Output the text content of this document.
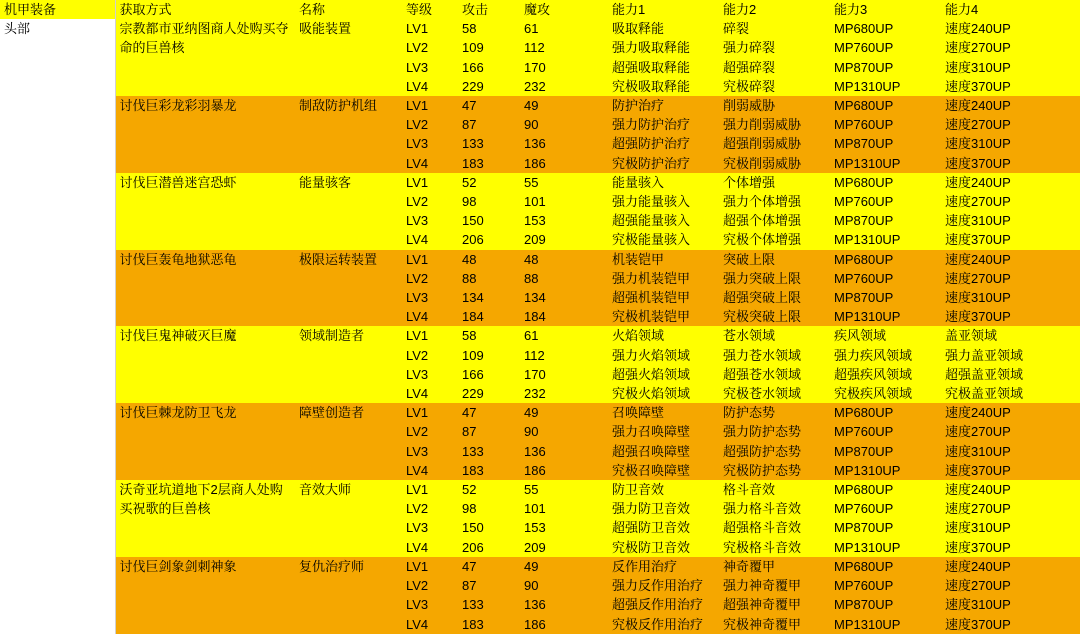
机甲装备	获取方式	名称	等级	攻击	魔攻	能力1	能力2	能力3	能力4
头部	宗教都市亚纳图商人处购买夺命的巨兽核	吸能装置	LV1	58	61	吸取释能	碎裂	MP680UP	速度240UP
			LV2	109	112	强力吸取释能	强力碎裂	MP760UP	速度270UP
			LV3	166	170	超强吸取释能	超强碎裂	MP870UP	速度310UP
			LV4	229	232	究极吸取释能	究极碎裂	MP1310UP	速度370UP
	讨伐巨彩龙彩羽暴龙	制敌防护机组	LV1	47	49	防护治疗	削弱威胁	MP680UP	速度240UP
			LV2	87	90	强力防护治疗	强力削弱威胁	MP760UP	速度270UP
			LV3	133	136	超强防护治疗	超强削弱威胁	MP870UP	速度310UP
			LV4	183	186	究极防护治疗	究极削弱威胁	MP1310UP	速度370UP
	讨伐巨潜兽迷宫恐虾	能量骇客	LV1	52	55	能量骇入	个体增强	MP680UP	速度240UP
			LV2	98	101	强力能量骇入	强力个体增强	MP760UP	速度270UP
			LV3	150	153	超强能量骇入	超强个体增强	MP870UP	速度310UP
			LV4	206	209	究极能量骇入	究极个体增强	MP1310UP	速度370UP
	讨伐巨轰龟地狱恶龟	极限运转装置	LV1	48	48	机装铠甲	突破上限	MP680UP	速度240UP
			LV2	88	88	强力机装铠甲	强力突破上限	MP760UP	速度270UP
			LV3	134	134	超强机装铠甲	超强突破上限	MP870UP	速度310UP
			LV4	184	184	究极机装铠甲	究极突破上限	MP1310UP	速度370UP
	讨伐巨鬼神破灭巨魔	领域制造者	LV1	58	61	火焰领域	苍水领域	疾风领域	盖亚领域
			LV2	109	112	强力火焰领域	强力苍水领域	强力疾风领域	强力盖亚领域
			LV3	166	170	超强火焰领域	超强苍水领域	超强疾风领域	超强盖亚领域
			LV4	229	232	究极火焰领域	究极苍水领域	究极疾风领域	究极盖亚领域
	讨伐巨棘龙防卫飞龙	障壁创造者	LV1	47	49	召唤障壁	防护态势	MP680UP	速度240UP
			LV2	87	90	强力召唤障壁	强力防护态势	MP760UP	速度270UP
			LV3	133	136	超强召唤障壁	超强防护态势	MP870UP	速度310UP
			LV4	183	186	究极召唤障壁	究极防护态势	MP1310UP	速度370UP
	沃奇亚坑道地下2层商人处购买祝歌的巨兽核	音效大师	LV1	52	55	防卫音效	格斗音效	MP680UP	速度240UP
			LV2	98	101	强力防卫音效	强力格斗音效	MP760UP	速度270UP
			LV3	150	153	超强防卫音效	超强格斗音效	MP870UP	速度310UP
			LV4	206	209	究极防卫音效	究极格斗音效	MP1310UP	速度370UP
	讨伐巨剑象剑刺神象	复仇治疗师	LV1	47	49	反作用治疗	神奇覆甲	MP680UP	速度240UP
			LV2	87	90	强力反作用治疗	强力神奇覆甲	MP760UP	速度270UP
			LV3	133	136	超强反作用治疗	超强神奇覆甲	MP870UP	速度310UP
			LV4	183	186	究极反作用治疗	究极神奇覆甲	MP1310UP	速度370UP
